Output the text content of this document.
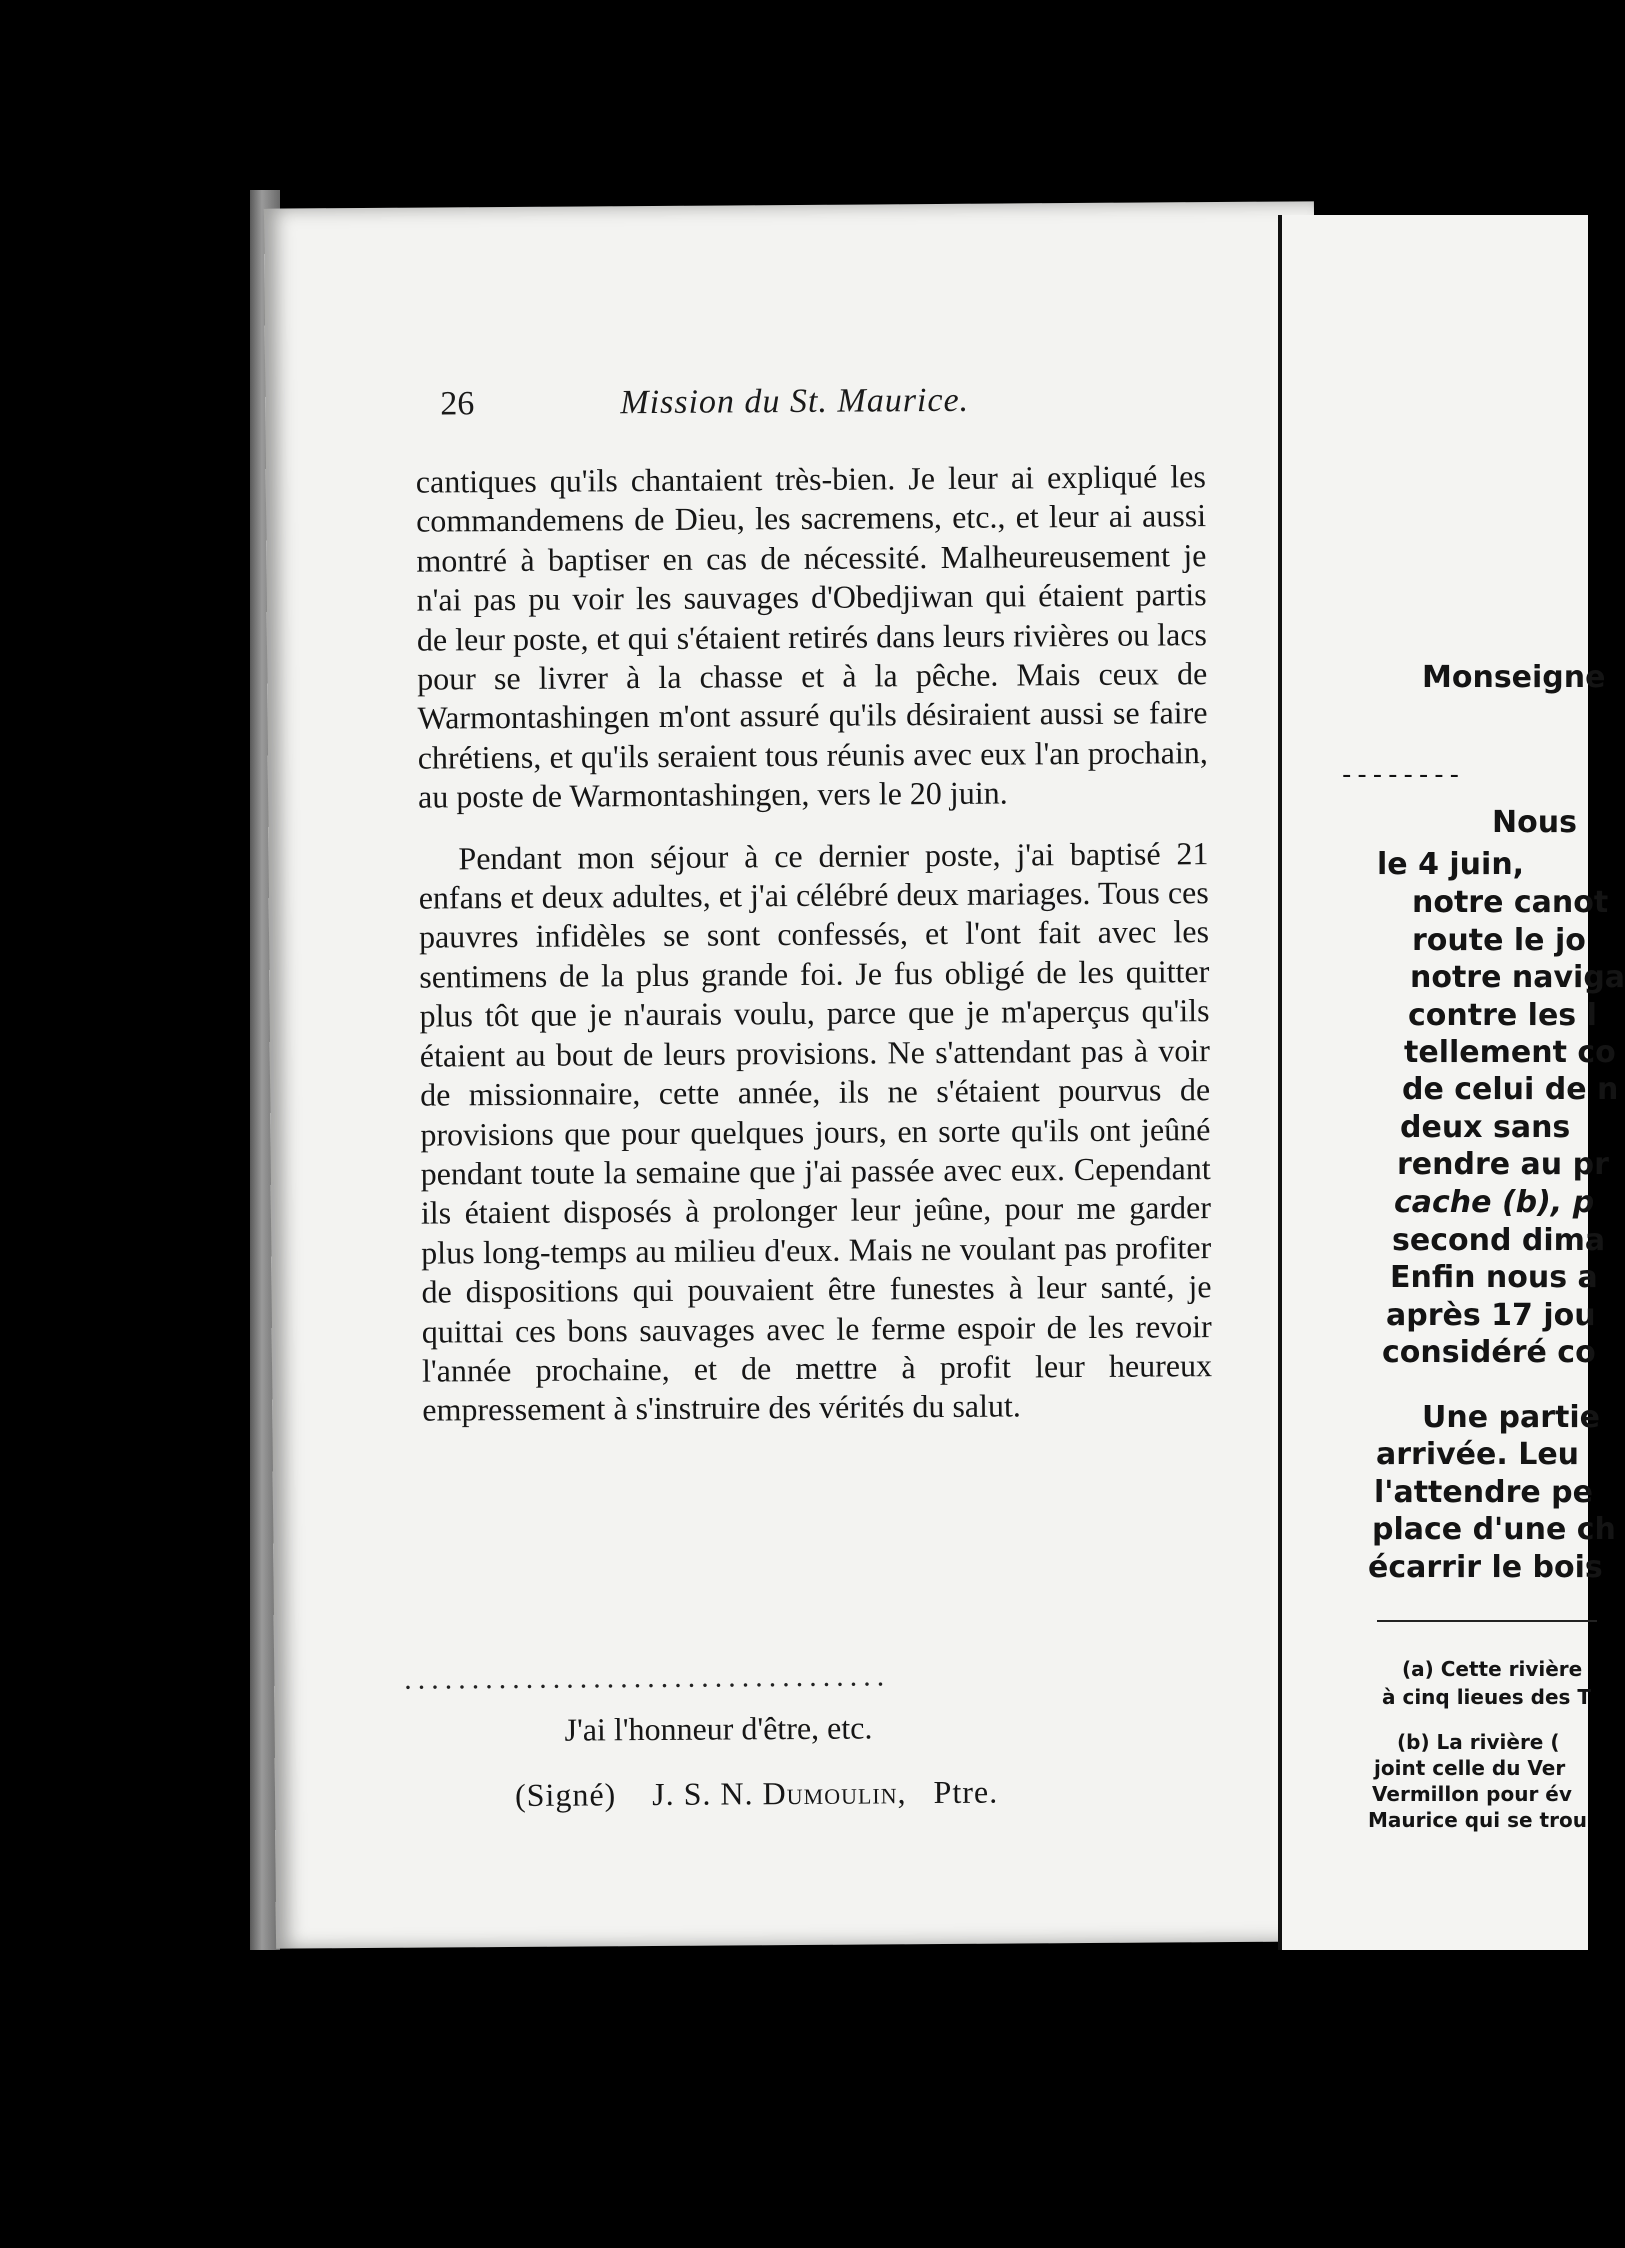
26	Mission du St. Maurice.

cantiques qu'ils chantaient très-bien. Je leur ai expliqué les commandemens de Dieu, les sacremens, etc., et leur ai aussi montré à baptiser en cas de nécessité. Malheureusement je n'ai pas pu voir les sauvages d'Obedjiwan qui étaient partis de leur poste, et qui s'étaient retirés dans leurs rivières ou lacs pour se livrer à la chasse et à la pêche. Mais ceux de Warmontashingen m'ont assuré qu'ils désiraient aussi se faire chrétiens, et qu'ils seraient tous réunis avec eux l'an prochain, au poste de Warmontashingen, vers le 20 juin.

Pendant mon séjour à ce dernier poste, j'ai baptisé 21 enfans et deux adultes, et j'ai célébré deux mariages. Tous ces pauvres infidèles se sont confessés, et l'ont fait avec les sentimens de la plus grande foi. Je fus obligé de les quitter plus tôt que je n'aurais voulu, parce que je m'aperçus qu'ils étaient au bout de leurs provisions. Ne s'attendant pas à voir de missionnaire, cette année, ils ne s'étaient pourvus de provisions que pour quelques jours, en sorte qu'ils ont jeûné pendant toute la semaine que j'ai passée avec eux. Cependant ils étaient disposés à prolonger leur jeûne, pour me garder plus long-temps au milieu d'eux. Mais ne voulant pas profiter de dispositions qui pouvaient être funestes à leur santé, je quittai ces bons sauvages avec le ferme espoir de les revoir l'année prochaine, et de mettre à profit leur heureux empressement à s'instruire des vérités du salut.

....................................
J'ai l'honneur d'être, etc.
(Signé) J. S. N. Dumoulin, Ptre.
Monseigne
--------
Nous
le 4 juin,
notre canot
route le jo
notre naviga
contre les l
tellement co
de celui de n
deux sans
rendre au pr
cache (b), p
second dima
Enfin nous a
après 17 jou
considéré co
Une partie
arrivée. Leu
l'attendre pe
place d'une ch
écarrir le bois
(a) Cette rivière
à cinq lieues des T
(b) La rivière (
joint celle du Ver
Vermillon pour év
Maurice qui se trou
